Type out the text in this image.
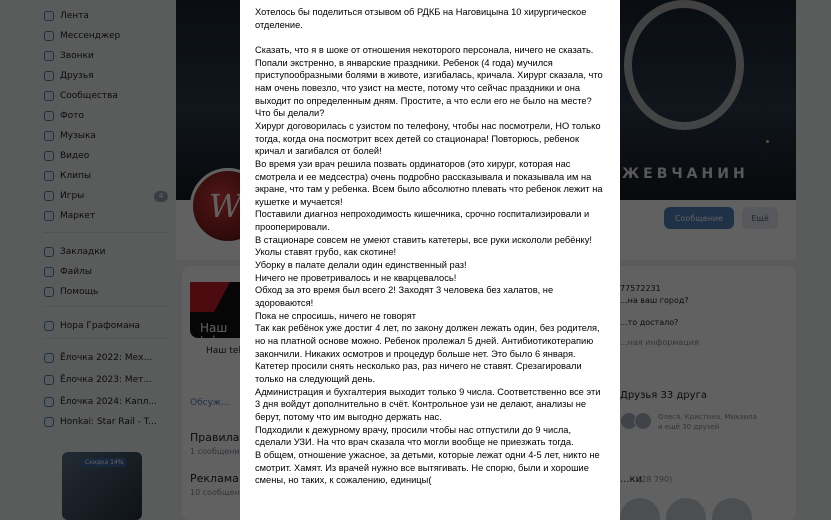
Хотелось бы поделиться отзывом об РДКБ на Наговицына 10 хирургическое отделение.

Сказать, что я в шоке от отношения некоторого персонала, ничего не сказать.

Попали экстренно, в январские праздники. Ребенок (4 года) мучился приступообразными болями в животе, изгибалась, кричала. Хирург сказала, что нам очень повезло, что узист на месте, потому что сейчас праздники и она выходит по определенным дням. Простите, а что если его не было на месте? Что бы делали?

Хирург договорилась с узистом по телефону, чтобы нас посмотрели, НО только тогда, когда она посмотрит всех детей со стационара! Повторюсь, ребенок кричал и загибался от болей!

Во время узи врач решила позвать ординаторов (это хирург, которая нас смотрела и ее медсестра) очень подробно рассказывала и показывала им на экране, что там у ребенка. Всем было абсолютно плевать что ребенок лежит на кушетке и мучается!

Поставили диагноз непроходимость кишечника, срочно госпитализировали и прооперировали.

В стационаре совсем не умеют ставить катетеры, все руки искололи ребёнку! Уколы ставят грубо, как скотине!

Уборку в палате делали один единственный раз!

Ничего не проветривалось и не кварцевалось!

Обход за это время был всего 2! Заходят 3 человека без халатов, не здороваются!

Пока не спросишь, ничего не говорят

Так как ребёнок уже достиг 4 лет, по закону должен лежать один, без родителя, но на платной основе можно. Ребенок пролежал 5 дней. Антибиотикотерапию закончили. Никаких осмотров и процедур больше нет. Это было 6 января. Катетер просили снять несколько раз, раз ничего не ставят. Срезагировали только на следующий день.

Администрация и бухгалтерия выходит только 9 числа. Соответственно все эти 3 дня войдут дополнительно в счёт. Контрольное узи не делают, анализы не берут, потому что им выгодно держать нас.

Подходили к дежурному врачу, просили чтобы нас отпустили до 9 числа, сделали УЗИ. На что врач сказала что могли вообще не приезжать тогда.

В общем, отношение ужасное, за детьми, которые лежат одни 4-5 лет, никто не смотрит. Хамят. Из врачей нужно все вытягивать. Не спорю, были и хорошие смены, но таких, к сожалению, единицы(
